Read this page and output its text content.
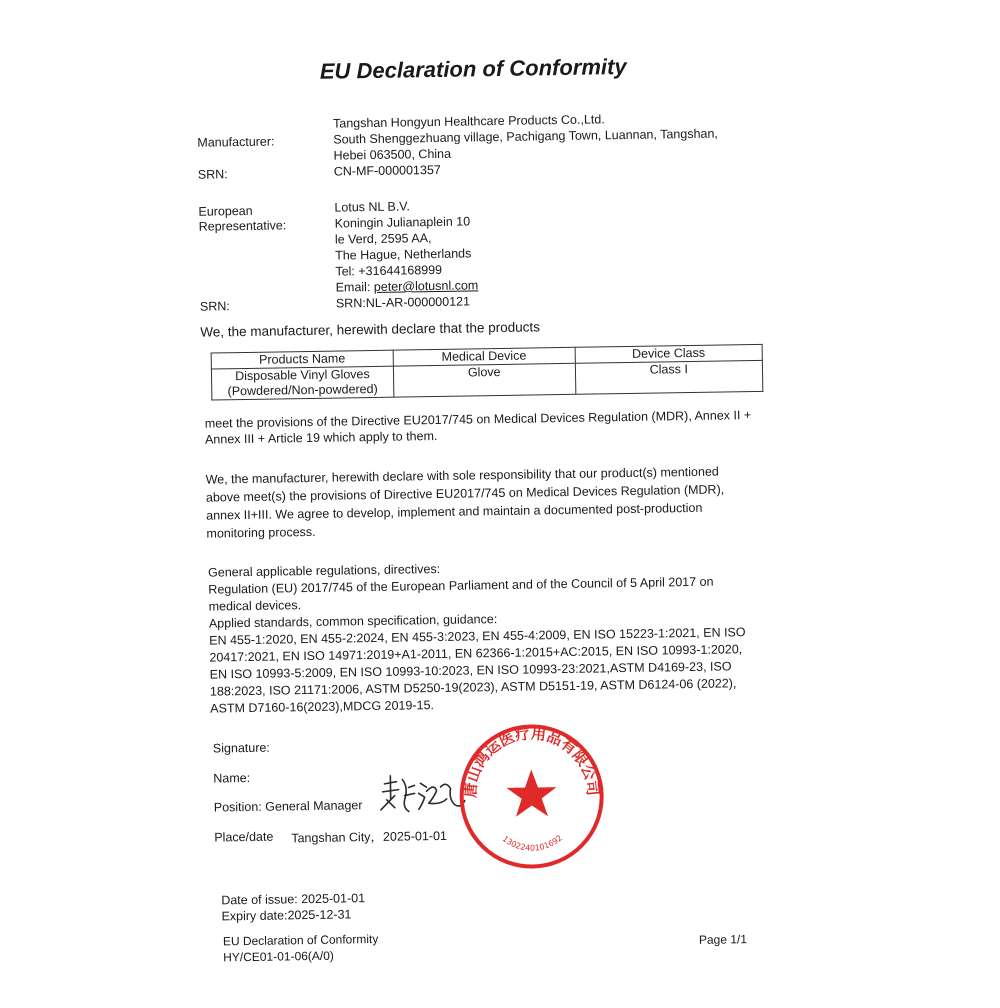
EU Declaration of Conformity
Manufacturer:
Tangshan Hongyun Healthcare Products Co.,Ltd.
South Shenggezhuang village, Pachigang Town, Luannan, Tangshan,
Hebei 063500, China
SRN:	CN-MF-000001357
European
Representative:
Lotus NL B.V.
Koningin Julianaplein 10
le Verd, 2595 AA,
The Hague, Netherlands
Tel: +31644168999
Email: peter@lotusnl.com
SRN:	SRN:NL-AR-000000121
We, the manufacturer, herewith declare that the products
Products Name	Medical Device	Device Class

Disposable Vinyl Gloves
(Powdered/Non-powdered)	Glove	Class I
meet the provisions of the Directive EU2017/745 on Medical Devices Regulation (MDR), Annex II +
Annex III + Article 19 which apply to them.
We, the manufacturer, herewith declare with sole responsibility that our product(s) mentioned
above meet(s) the provisions of Directive EU2017/745 on Medical Devices Regulation (MDR),
annex II+III. We agree to develop, implement and maintain a documented post-production
monitoring process.
General applicable regulations, directives:
Regulation (EU) 2017/745 of the European Parliament and of the Council of 5 April 2017 on
medical devices.
Applied standards, common specification, guidance:
EN 455-1:2020, EN 455-2:2024, EN 455-3:2023, EN 455-4:2009, EN ISO 15223-1:2021, EN ISO
20417:2021, EN ISO 14971:2019+A1-2011, EN 62366-1:2015+AC:2015, EN ISO 10993-1:2020,
EN ISO 10993-5:2009, EN ISO 10993-10:2023, EN ISO 10993-23:2021,ASTM D4169-23, ISO
188:2023, ISO 21171:2006, ASTM D5250-19(2023), ASTM D5151-19, ASTM D6124-06 (2022),
ASTM D7160-16(2023),MDCG 2019-15.
Signature:
Name:
Position: General Manager
Place/date Tangshan City，2025-01-01
唐山鸿运医疗用品有限公司
1302240101692
Date of issue: 2025-01-01
Expiry date:2025-12-31
EU Declaration of Conformity
HY/CE01-01-06(A/0)
Page 1/1
